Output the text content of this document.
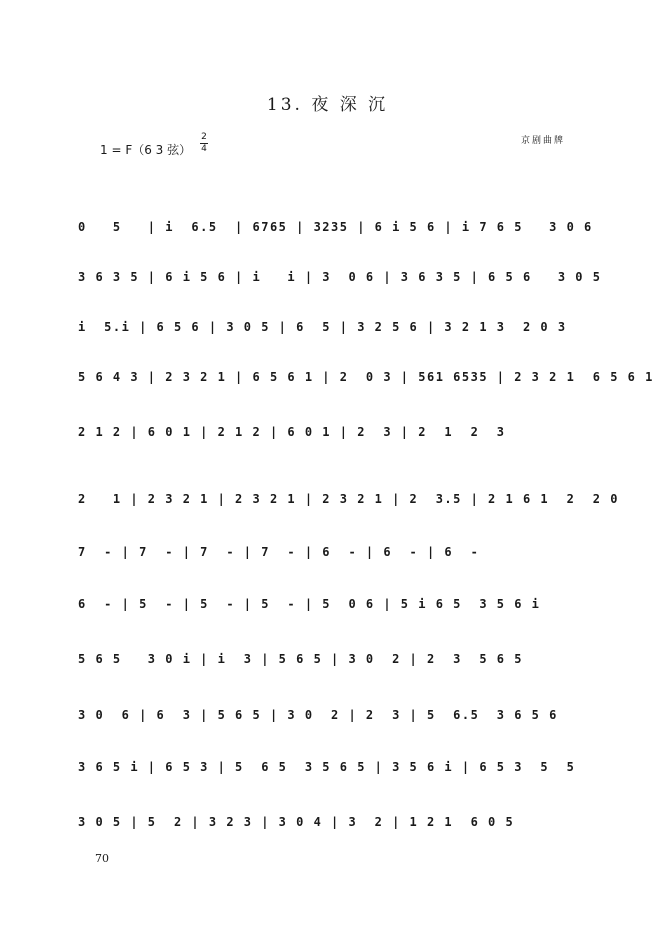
13. 夜 深 沉
1 = F（6 3 弦）
2
4
京剧曲牌
0   5   | i  6.5  | 6765 | 3235 | 6 i 5 6 | i 7 6 5   3 0 6
3 6 3 5 | 6 i 5 6 | i   i | 3  0 6 | 3 6 3 5 | 6 5 6   3 0 5
i  5.i | 6 5 6 | 3 0 5 | 6  5 | 3 2 5 6 | 3 2 1 3  2 0 3
5 6 4 3 | 2 3 2 1 | 6 5 6 1 | 2  0 3 | 561 6535 | 2 3 2 1  6 5 6 1
2 1 2 | 6 0 1 | 2 1 2 | 6 0 1 | 2  3 | 2  1  2  3
2   1 | 2 3 2 1 | 2 3 2 1 | 2 3 2 1 | 2  3.5 | 2 1 6 1  2  2 0
7  - | 7  - | 7  - | 7  - | 6  - | 6  - | 6  -
6  - | 5  - | 5  - | 5  - | 5  0 6 | 5 i 6 5  3 5 6 i
5 6 5   3 0 i | i  3 | 5 6 5 | 3 0  2 | 2  3  5 6 5
3 0  6 | 6  3 | 5 6 5 | 3 0  2 | 2  3 | 5  6.5  3 6 5 6
3 6 5 i | 6 5 3 | 5  6 5  3 5 6 5 | 3 5 6 i | 6 5 3  5  5
3 0 5 | 5  2 | 3 2 3 | 3 0 4 | 3  2 | 1 2 1  6 0 5
70
